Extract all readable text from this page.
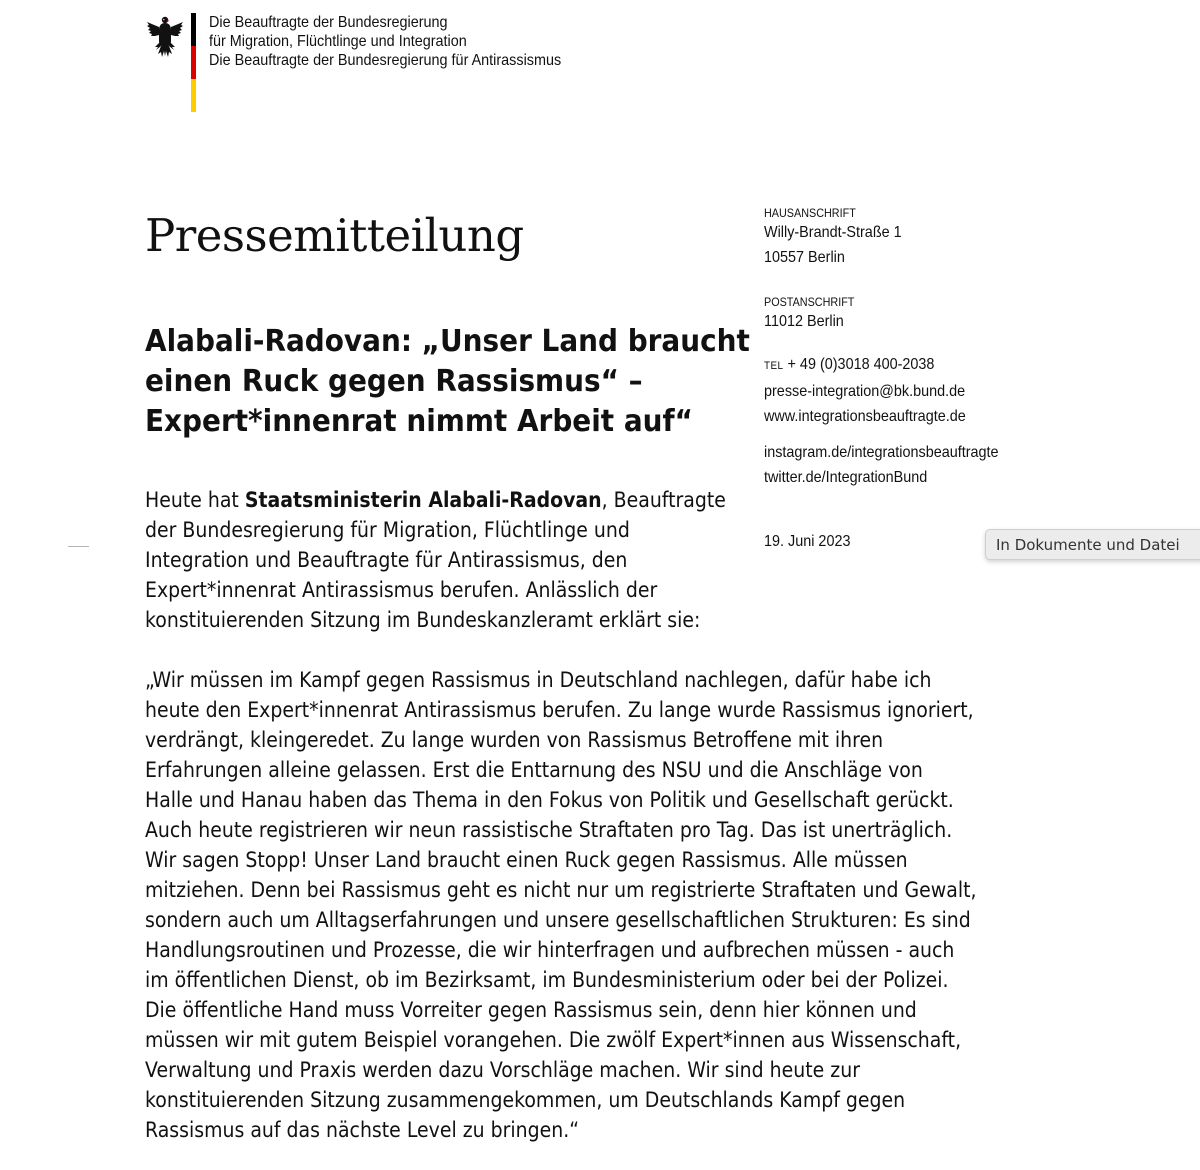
Die Beauftragte der Bundesregierung
für Migration, Flüchtlinge und Integration
Die Beauftragte der Bundesregierung für Antirassismus
Pressemitteilung
Alabali-Radovan: „Unser Land braucht
einen Ruck gegen Rassismus“ –
Expert*innenrat nimmt Arbeit auf“
Heute hat Staatsministerin Alabali-Radovan, Beauftragte
der Bundesregierung für Migration, Flüchtlinge und
Integration und Beauftragte für Antirassismus, den
Expert*innenrat Antirassismus berufen. Anlässlich der
konstituierenden Sitzung im Bundeskanzleramt erklärt sie:
„Wir müssen im Kampf gegen Rassismus in Deutschland nachlegen, dafür habe ich
heute den Expert*innenrat Antirassismus berufen. Zu lange wurde Rassismus ignoriert,
verdrängt, kleingeredet. Zu lange wurden von Rassismus Betroffene mit ihren
Erfahrungen alleine gelassen. Erst die Enttarnung des NSU und die Anschläge von
Halle und Hanau haben das Thema in den Fokus von Politik und Gesellschaft gerückt.
Auch heute registrieren wir neun rassistische Straftaten pro Tag. Das ist unerträglich.
Wir sagen Stopp! Unser Land braucht einen Ruck gegen Rassismus. Alle müssen
mitziehen. Denn bei Rassismus geht es nicht nur um registrierte Straftaten und Gewalt,
sondern auch um Alltagserfahrungen und unsere gesellschaftlichen Strukturen: Es sind
Handlungsroutinen und Prozesse, die wir hinterfragen und aufbrechen müssen - auch
im öffentlichen Dienst, ob im Bezirksamt, im Bundesministerium oder bei der Polizei.
Die öffentliche Hand muss Vorreiter gegen Rassismus sein, denn hier können und
müssen wir mit gutem Beispiel vorangehen. Die zwölf Expert*innen aus Wissenschaft,
Verwaltung und Praxis werden dazu Vorschläge machen. Wir sind heute zur
konstituierenden Sitzung zusammengekommen, um Deutschlands Kampf gegen
Rassismus auf das nächste Level zu bringen.“
HAUSANSCHRIFT
Willy-Brandt-Straße 1
10557 Berlin
POSTANSCHRIFT
11012 Berlin
TEL + 49 (0)3018 400-2038
presse-integration@bk.bund.de
www.integrationsbeauftragte.de
instagram.de/integrationsbeauftragte
twitter.de/IntegrationBund
19. Juni 2023	In Dokumente und Datei
